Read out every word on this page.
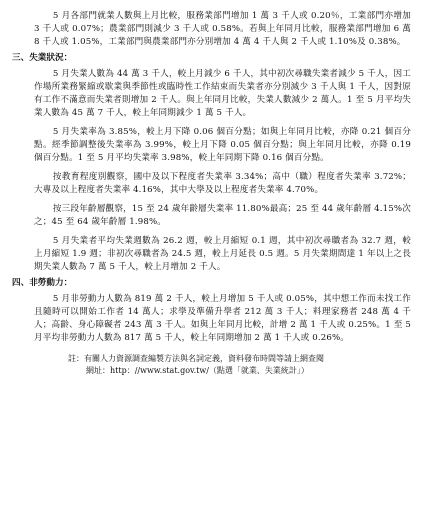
5 月各部門就業人數與上月比較，服務業部門增加 1 萬 3 千人或 0.20％，工業部門亦增加 3 千人或 0.07%；農業部門則減少 3 千人或 0.58%。若與上年同月比較，服務業部門增加 6 萬 8 千人或 1.05%，工業部門與農業部門亦分別增加 4 萬 4 千人與 2 千人或 1.10%及 0.38%。

三、失業狀況：

5 月失業人數為 44 萬 3 千人，較上月減少 6 千人，其中初次尋職失業者減少 5 千人，因工作場所業務緊縮或歇業與季節性或臨時性工作結束而失業者亦分別減少 3 千人與 1 千人，因對原有工作不滿意而失業者則增加 2 千人。與上年同月比較，失業人數減少 2 萬人。1 至 5 月平均失業人數為 45 萬 7 千人，較上年同期減少 1 萬 5 千人。

5 月失業率為 3.85%，較上月下降 0.06 個百分點；如與上年同月比較，亦降 0.21 個百分點。經季節調整後失業率為 3.99%，較上月下降 0.05 個百分點；與上年同月比較，亦降 0.19 個百分點。1 至 5 月平均失業率 3.98%，較上年同期下降 0.16 個百分點。

按教育程度別觀察，國中及以下程度者失業率 3.34%；高中（職）程度者失業率 3.72%；大專及以上程度者失業率 4.16%，其中大學及以上程度者失業率 4.70%。

按三段年齡層觀察，15 至 24 歲年齡層失業率 11.80%最高；25 至 44 歲年齡層 4.15%次之；45 至 64 歲年齡層 1.98%。

5 月失業者平均失業週數為 26.2 週，較上月縮短 0.1 週，其中初次尋職者為 32.7 週，較上月縮短 1.9 週；非初次尋職者為 24.5 週，較上月延長 0.5 週。5 月失業期間達 1 年以上之長期失業人數為 7 萬 5 千人，較上月增加 2 千人。

四、非勞動力：

5 月非勞動力人數為 819 萬 2 千人，較上月增加 5 千人或 0.05%，其中想工作而未找工作且隨時可以開始工作者 14 萬人；求學及準備升學者 212 萬 3 千人；料理家務者 248 萬 4 千人；高齡、身心障礙者 243 萬 3 千人。如與上年同月比較，計增 2 萬 1 千人或 0.25%。1 至 5 月平均非勞動力人數為 817 萬 5 千人，較上年同期增加 2 萬 1 千人或 0.26%。

註：有關人力資源調查編製方法與名詞定義，資料發布時間等請上網查閱
網址：http：//www.stat.gov.tw/（點選「就業、失業統計」）
